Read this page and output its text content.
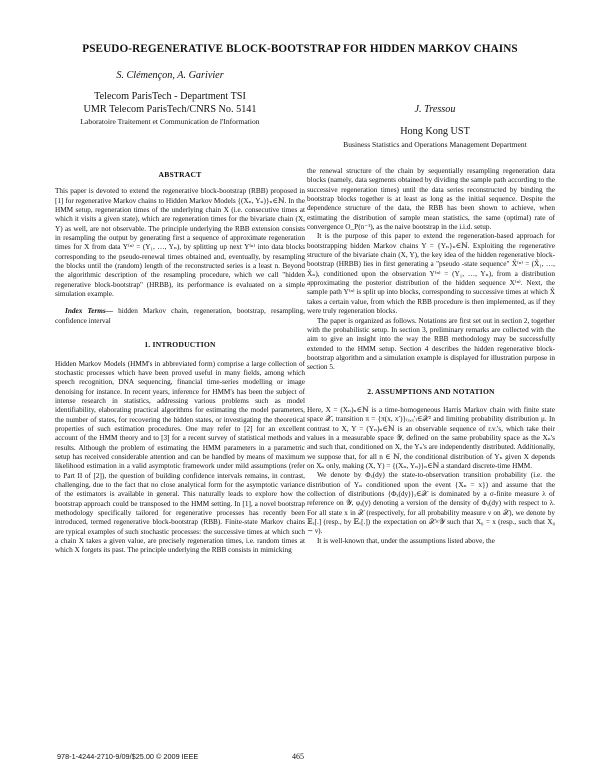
PSEUDO-REGENERATIVE BLOCK-BOOTSTRAP FOR HIDDEN MARKOV CHAINS
S. Clémençon, A. Garivier
Telecom ParisTech - Department TSI
UMR Telecom ParisTech/CNRS No. 5141
Laboratoire Traitement et Communication de l'Information
J. Tressou
Hong Kong UST
Business Statistics and Operations Management Department
ABSTRACT

This paper is devoted to extend the regenerative block-bootstrap (RBB) proposed in [1] for regenerative Markov chains to Hidden Markov Models {(Xₙ, Yₙ)}ₙ∈ℕ. In the HMM setup, regeneration times of the underlying chain X (i.e. consecutive times at which it visits a given state), which are regeneration times for the bivariate chain (X, Y) as well, are not observable. The principle underlying the RBB extension consists in resampling the output by generating first a sequence of approximate regeneration times for X from data Y⁽ⁿ⁾ = (Y₁, …, Yₙ), by splitting up next Y⁽ⁿ⁾ into data blocks corresponding to the pseudo-renewal times obtained and, eventually, by resampling the blocks until the (random) length of the reconstructed series is a least n. Beyond the algorithmic description of the resampling procedure, which we call "hidden regenerative block-bootstrap" (HRBB), its performance is evaluated on a simple simulation example.

Index Terms— hidden Markov chain, regeneration, bootstrap, resampling, confidence interval

1. INTRODUCTION

Hidden Markov Models (HMM's in abbreviated form) comprise a large collection of stochastic processes which have been proved useful in many fields, among which speech recognition, DNA sequencing, financial time-series modelling or image denoising for instance. In recent years, inference for HMM's has been the subject of intense research in statistics, addressing various problems such as model identifiability, elaborating practical algorithms for estimating the model parameters, the number of states, for recovering the hidden states, or investigating the theoretical properties of such estimation procedures. One may refer to [2] for an excellent account of the HMM theory and to [3] for a recent survey of statistical methods and results. Although the problem of estimating the HMM parameters in a parametric setup has received considerable attention and can be handled by means of maximum likelihood estimation in a valid asymptotic framework under mild assumptions (refer to Part II of [2]), the question of building confidence intervals remains, in contrast, challenging, due to the fact that no close analytical form for the asymptotic variance of the estimators is available in general. This naturally leads to explore how the bootstrap approach could be transposed to the HMM setting. In [1], a novel bootstrap methodology specifically tailored for regenerative processes has recently been introduced, termed regenerative block-bootstrap (RBB). Finite-state Markov chains are typical examples of such stochastic processes: the successive times at which such a chain X takes a given value, are precisely regeneration times, i.e. random times at which X forgets its past. The principle underlying the RBB consists in mimicking

the renewal structure of the chain by sequentially resampling regeneration data blocks (namely, data segments obtained by dividing the sample path according to the successive regeneration times) until the data series reconstructed by binding the bootstrap blocks together is at least as long as the initial sequence. Despite the dependence structure of the data, the RBB has been shown to achieve, when estimating the distribution of sample mean statistics, the same (optimal) rate of convergence O_P(n⁻¹), as the naive bootstrap in the i.i.d. setup.

It is the purpose of this paper to extend the regeneration-based approach for bootstrapping hidden Markov chains Y = {Yₙ}ₙ∈ℕ. Exploiting the regenerative structure of the bivariate chain (X, Y), the key idea of the hidden regenerative block-bootstrap (HRBB) lies in first generating a "pseudo -state sequence" X̂⁽ⁿ⁾ = (X̂₁, …, X̂ₙ), conditioned upon the observation Y⁽ⁿ⁾ = (Y₁, …, Yₙ), from a distribution approximating the posterior distribution of the hidden sequence X⁽ⁿ⁾. Next, the sample path Y⁽ⁿ⁾ is split up into blocks, corresponding to successive times at which X̂ takes a certain value, from which the RBB procedure is then implemented, as if they were truly regeneration blocks.

The paper is organized as follows. Notations are first set out in section 2, together with the probabilistic setup. In section 3, preliminary remarks are collected with the aim to give an insight into the way the RBB methodology may be successfully extended to the HMM setup. Section 4 describes the hidden regenerative block-bootstrap algorithm and a simulation example is displayed for illustration purpose in section 5.

2. ASSUMPTIONS AND NOTATION

Here, X = (Xₙ)ₙ∈ℕ is a time-homogeneous Harris Markov chain with finite state space 𝒳, transition π = {π(x, x′)}₍ₓ,ₓ′₎∈𝒳² and limiting probability distribution μ. In contrast to X, Y = (Yₙ)ₙ∈ℕ is an observable sequence of r.v.'s, which take their values in a measurable space 𝒴, defined on the same probability space as the Xₙ's and such that, conditioned on X, the Yₙ's are independently distributed. Additionally, we suppose that, for all n ∈ ℕ, the conditional distribution of Yₙ given X depends on Xₙ only, making (X, Y) = {(Xₙ, Yₙ)}ₙ∈ℕ a standard discrete-time HMM.

We denote by Φₓ(dy) the state-to-observation transition probability (i.e. the distribution of Yₙ conditioned upon the event {Xₙ = x}) and assume that the collection of distributions {Φₓ(dy)}ₓ∈𝒳 is dominated by a σ-finite measure λ of reference on 𝒴, φₓ(y) denoting a version of the density of Φₓ(dy) with respect to λ. For all state x in 𝒳 (respectively, for all probability measure ν on 𝒳), we denote by 𝔼ₓ[.] (resp., by 𝔼ᵥ[.]) the expectation on 𝒳×𝒴 such that X₀ = x (resp., such that X₀ ∼ ν).

It is well-known that, under the assumptions listed above, the

978-1-4244-2710-9/09/$25.00 © 2009 IEEE	465
